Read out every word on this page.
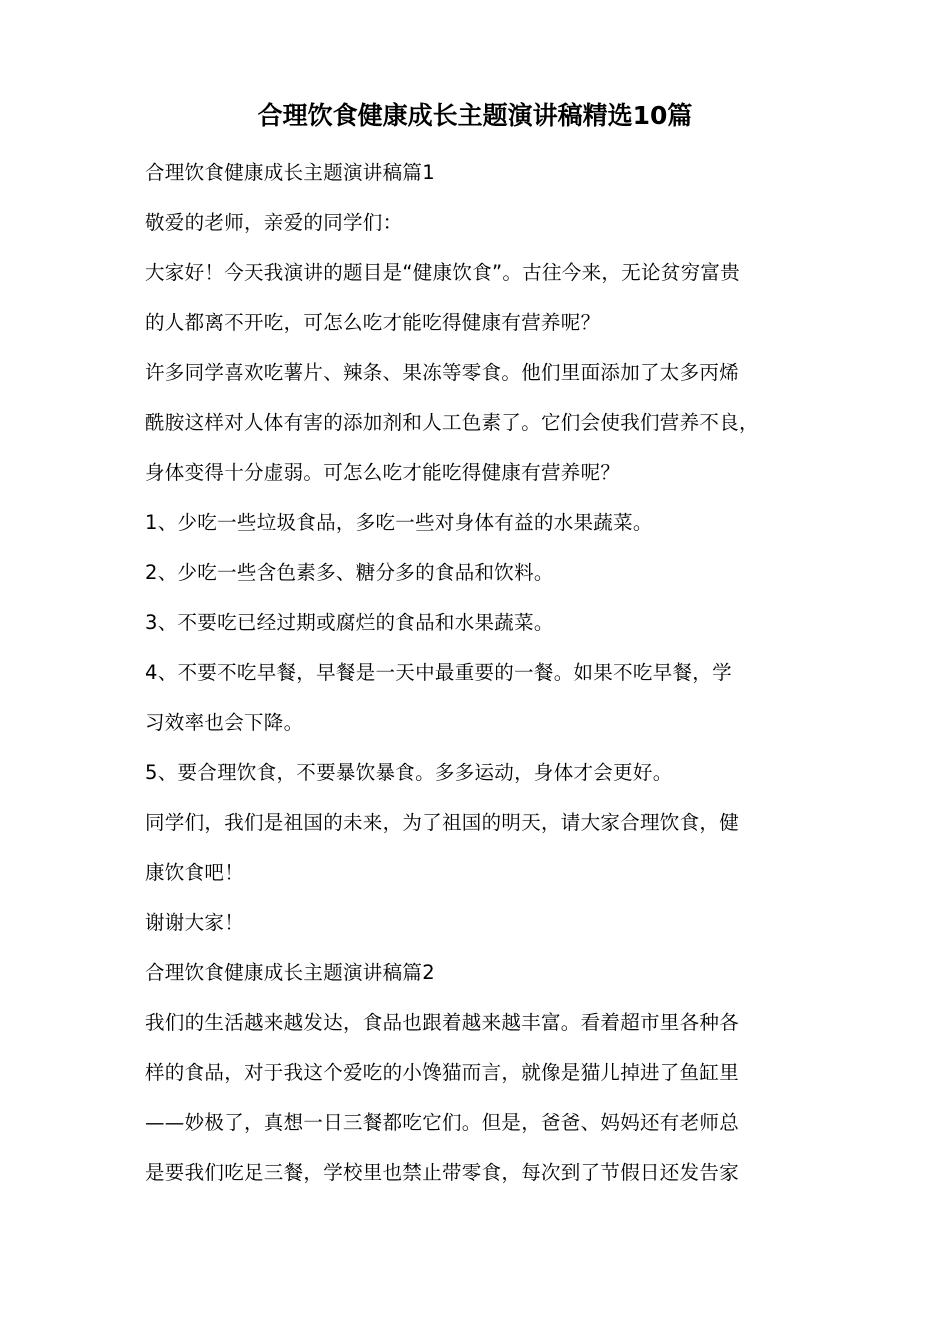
合理饮食健康成长主题演讲稿精选10篇

合理饮食健康成长主题演讲稿篇1

敬爱的老师，亲爱的同学们：

大家好！今天我演讲的题目是“健康饮食”。古往今来，无论贫穷富贵

的人都离不开吃，可怎么吃才能吃得健康有营养呢？

许多同学喜欢吃薯片、辣条、果冻等零食。他们里面添加了太多丙烯

酰胺这样对人体有害的添加剂和人工色素了。它们会使我们营养不良，

身体变得十分虚弱。可怎么吃才能吃得健康有营养呢？

1、少吃一些垃圾食品，多吃一些对身体有益的水果蔬菜。

2、少吃一些含色素多、糖分多的食品和饮料。

3、不要吃已经过期或腐烂的食品和水果蔬菜。

4、不要不吃早餐，早餐是一天中最重要的一餐。如果不吃早餐，学

习效率也会下降。

5、要合理饮食，不要暴饮暴食。多多运动，身体才会更好。

同学们，我们是祖国的未来，为了祖国的明天，请大家合理饮食，健

康饮食吧！

谢谢大家！

合理饮食健康成长主题演讲稿篇2

我们的生活越来越发达，食品也跟着越来越丰富。看着超市里各种各

样的食品，对于我这个爱吃的小馋猫而言，就像是猫儿掉进了鱼缸里

——妙极了，真想一日三餐都吃它们。但是，爸爸、妈妈还有老师总

是要我们吃足三餐，学校里也禁止带零食，每次到了节假日还发告家
